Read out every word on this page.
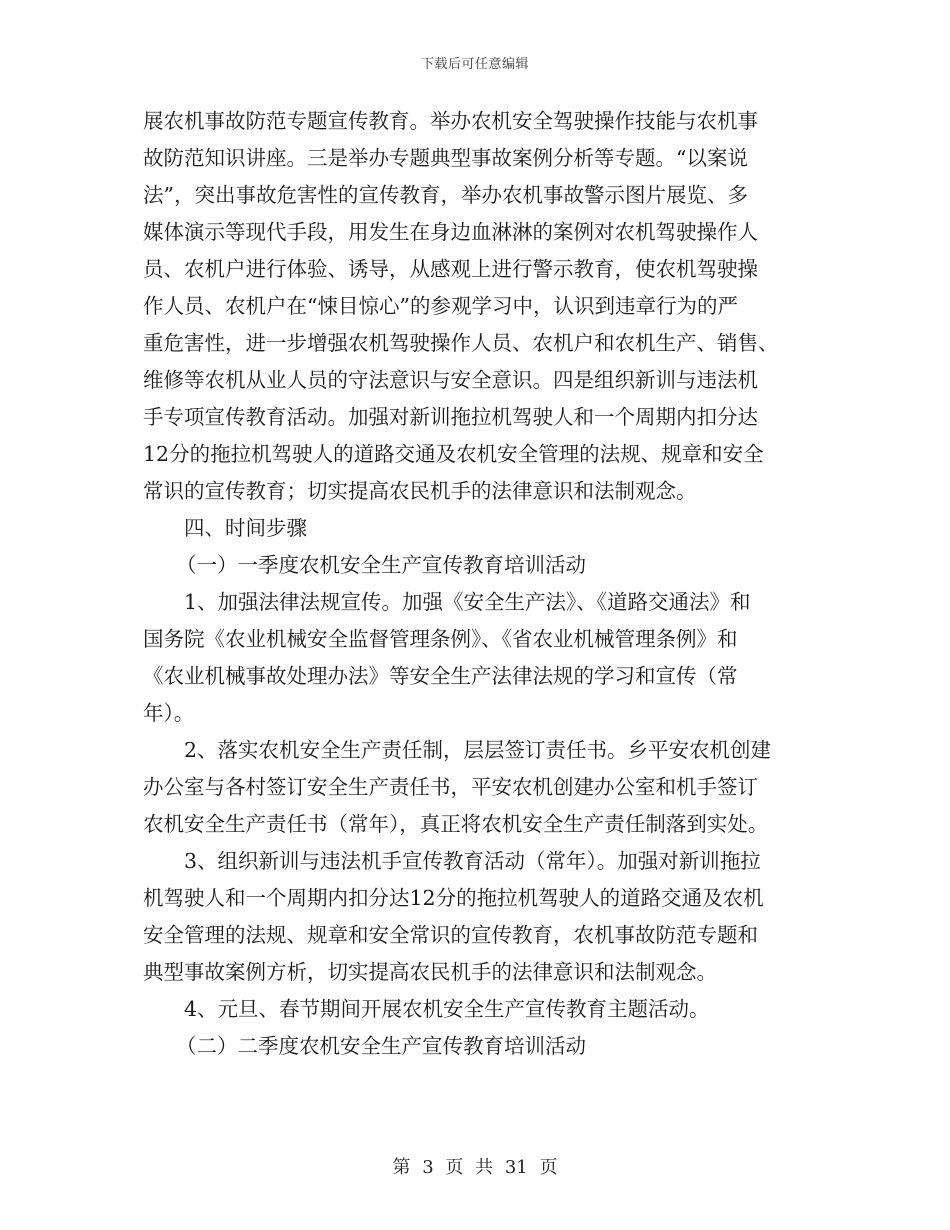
下载后可任意编辑
展农机事故防范专题宣传教育。举办农机安全驾驶操作技能与农机事
故防范知识讲座。三是举办专题典型事故案例分析等专题。“以案说
法”，突出事故危害性的宣传教育，举办农机事故警示图片展览、多
媒体演示等现代手段，用发生在身边血淋淋的案例对农机驾驶操作人
员、农机户进行体验、诱导，从感观上进行警示教育，使农机驾驶操
作人员、农机户在“悚目惊心”的参观学习中，认识到违章行为的严
重危害性，进一步增强农机驾驶操作人员、农机户和农机生产、销售、
维修等农机从业人员的守法意识与安全意识。四是组织新训与违法机
手专项宣传教育活动。加强对新训拖拉机驾驶人和一个周期内扣分达
12分的拖拉机驾驶人的道路交通及农机安全管理的法规、规章和安全
常识的宣传教育；切实提高农民机手的法律意识和法制观念。
四、时间步骤
（一）一季度农机安全生产宣传教育培训活动
1、加强法律法规宣传。加强《安全生产法》、《道路交通法》和
国务院《农业机械安全监督管理条例》、《省农业机械管理条例》和
《农业机械事故处理办法》等安全生产法律法规的学习和宣传（常
年）。
2、落实农机安全生产责任制，层层签订责任书。乡平安农机创建
办公室与各村签订安全生产责任书，平安农机创建办公室和机手签订
农机安全生产责任书（常年），真正将农机安全生产责任制落到实处。
3、组织新训与违法机手宣传教育活动（常年）。加强对新训拖拉
机驾驶人和一个周期内扣分达12分的拖拉机驾驶人的道路交通及农机
安全管理的法规、规章和安全常识的宣传教育，农机事故防范专题和
典型事故案例方析，切实提高农民机手的法律意识和法制观念。
4、元旦、春节期间开展农机安全生产宣传教育主题活动。
（二）二季度农机安全生产宣传教育培训活动
第 3 页 共 31 页
